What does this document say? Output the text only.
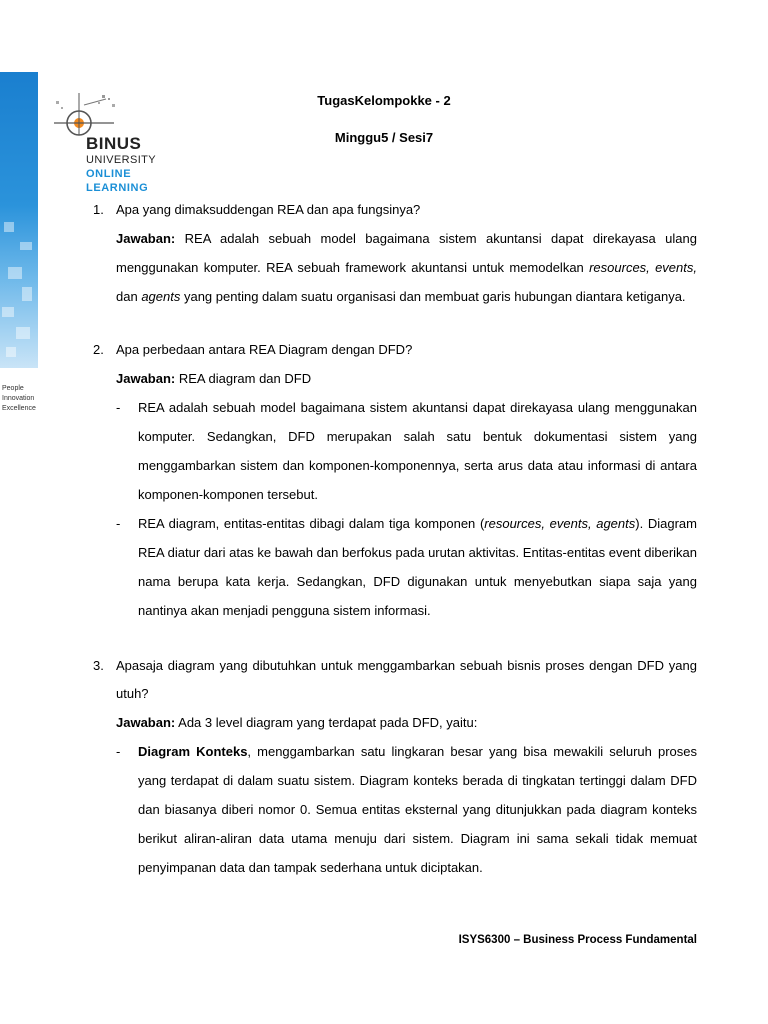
People
Innovation
Excellence
BINUS
UNIVERSITY
ONLINE
LEARNING
TugasKelompokke - 2
Minggu5 / Sesi7
1. Apa yang dimaksuddengan REA dan apa fungsinya?
Jawaban: REA adalah sebuah model bagaimana sistem akuntansi dapat direkayasa ulang menggunakan komputer. REA sebuah framework akuntansi untuk memodelkan resources, events, dan agents yang penting dalam suatu organisasi dan membuat garis hubungan diantara ketiganya.
2. Apa perbedaan antara REA Diagram dengan DFD?
Jawaban: REA diagram dan DFD
-	REA adalah sebuah model bagaimana sistem akuntansi dapat direkayasa ulang menggunakan komputer. Sedangkan, DFD merupakan salah satu bentuk dokumentasi sistem yang menggambarkan sistem dan komponen-komponennya, serta arus data atau informasi di antara komponen-komponen tersebut.
-	REA diagram, entitas-entitas dibagi dalam tiga komponen (resources, events, agents). Diagram REA diatur dari atas ke bawah dan berfokus pada urutan aktivitas. Entitas-entitas event diberikan nama berupa kata kerja. Sedangkan, DFD digunakan untuk menyebutkan siapa saja yang nantinya akan menjadi pengguna sistem informasi.
3. Apasaja diagram yang dibutuhkan untuk menggambarkan sebuah bisnis proses dengan DFD yang utuh?
Jawaban: Ada 3 level diagram yang terdapat pada DFD, yaitu:
-	Diagram Konteks, menggambarkan satu lingkaran besar yang bisa mewakili seluruh proses yang terdapat di dalam suatu sistem. Diagram konteks berada di tingkatan tertinggi dalam DFD dan biasanya diberi nomor 0. Semua entitas eksternal yang ditunjukkan pada diagram konteks berikut aliran-aliran data utama menuju dari sistem. Diagram ini sama sekali tidak memuat penyimpanan data dan tampak sederhana untuk diciptakan.
ISYS6300 – Business Process Fundamental
